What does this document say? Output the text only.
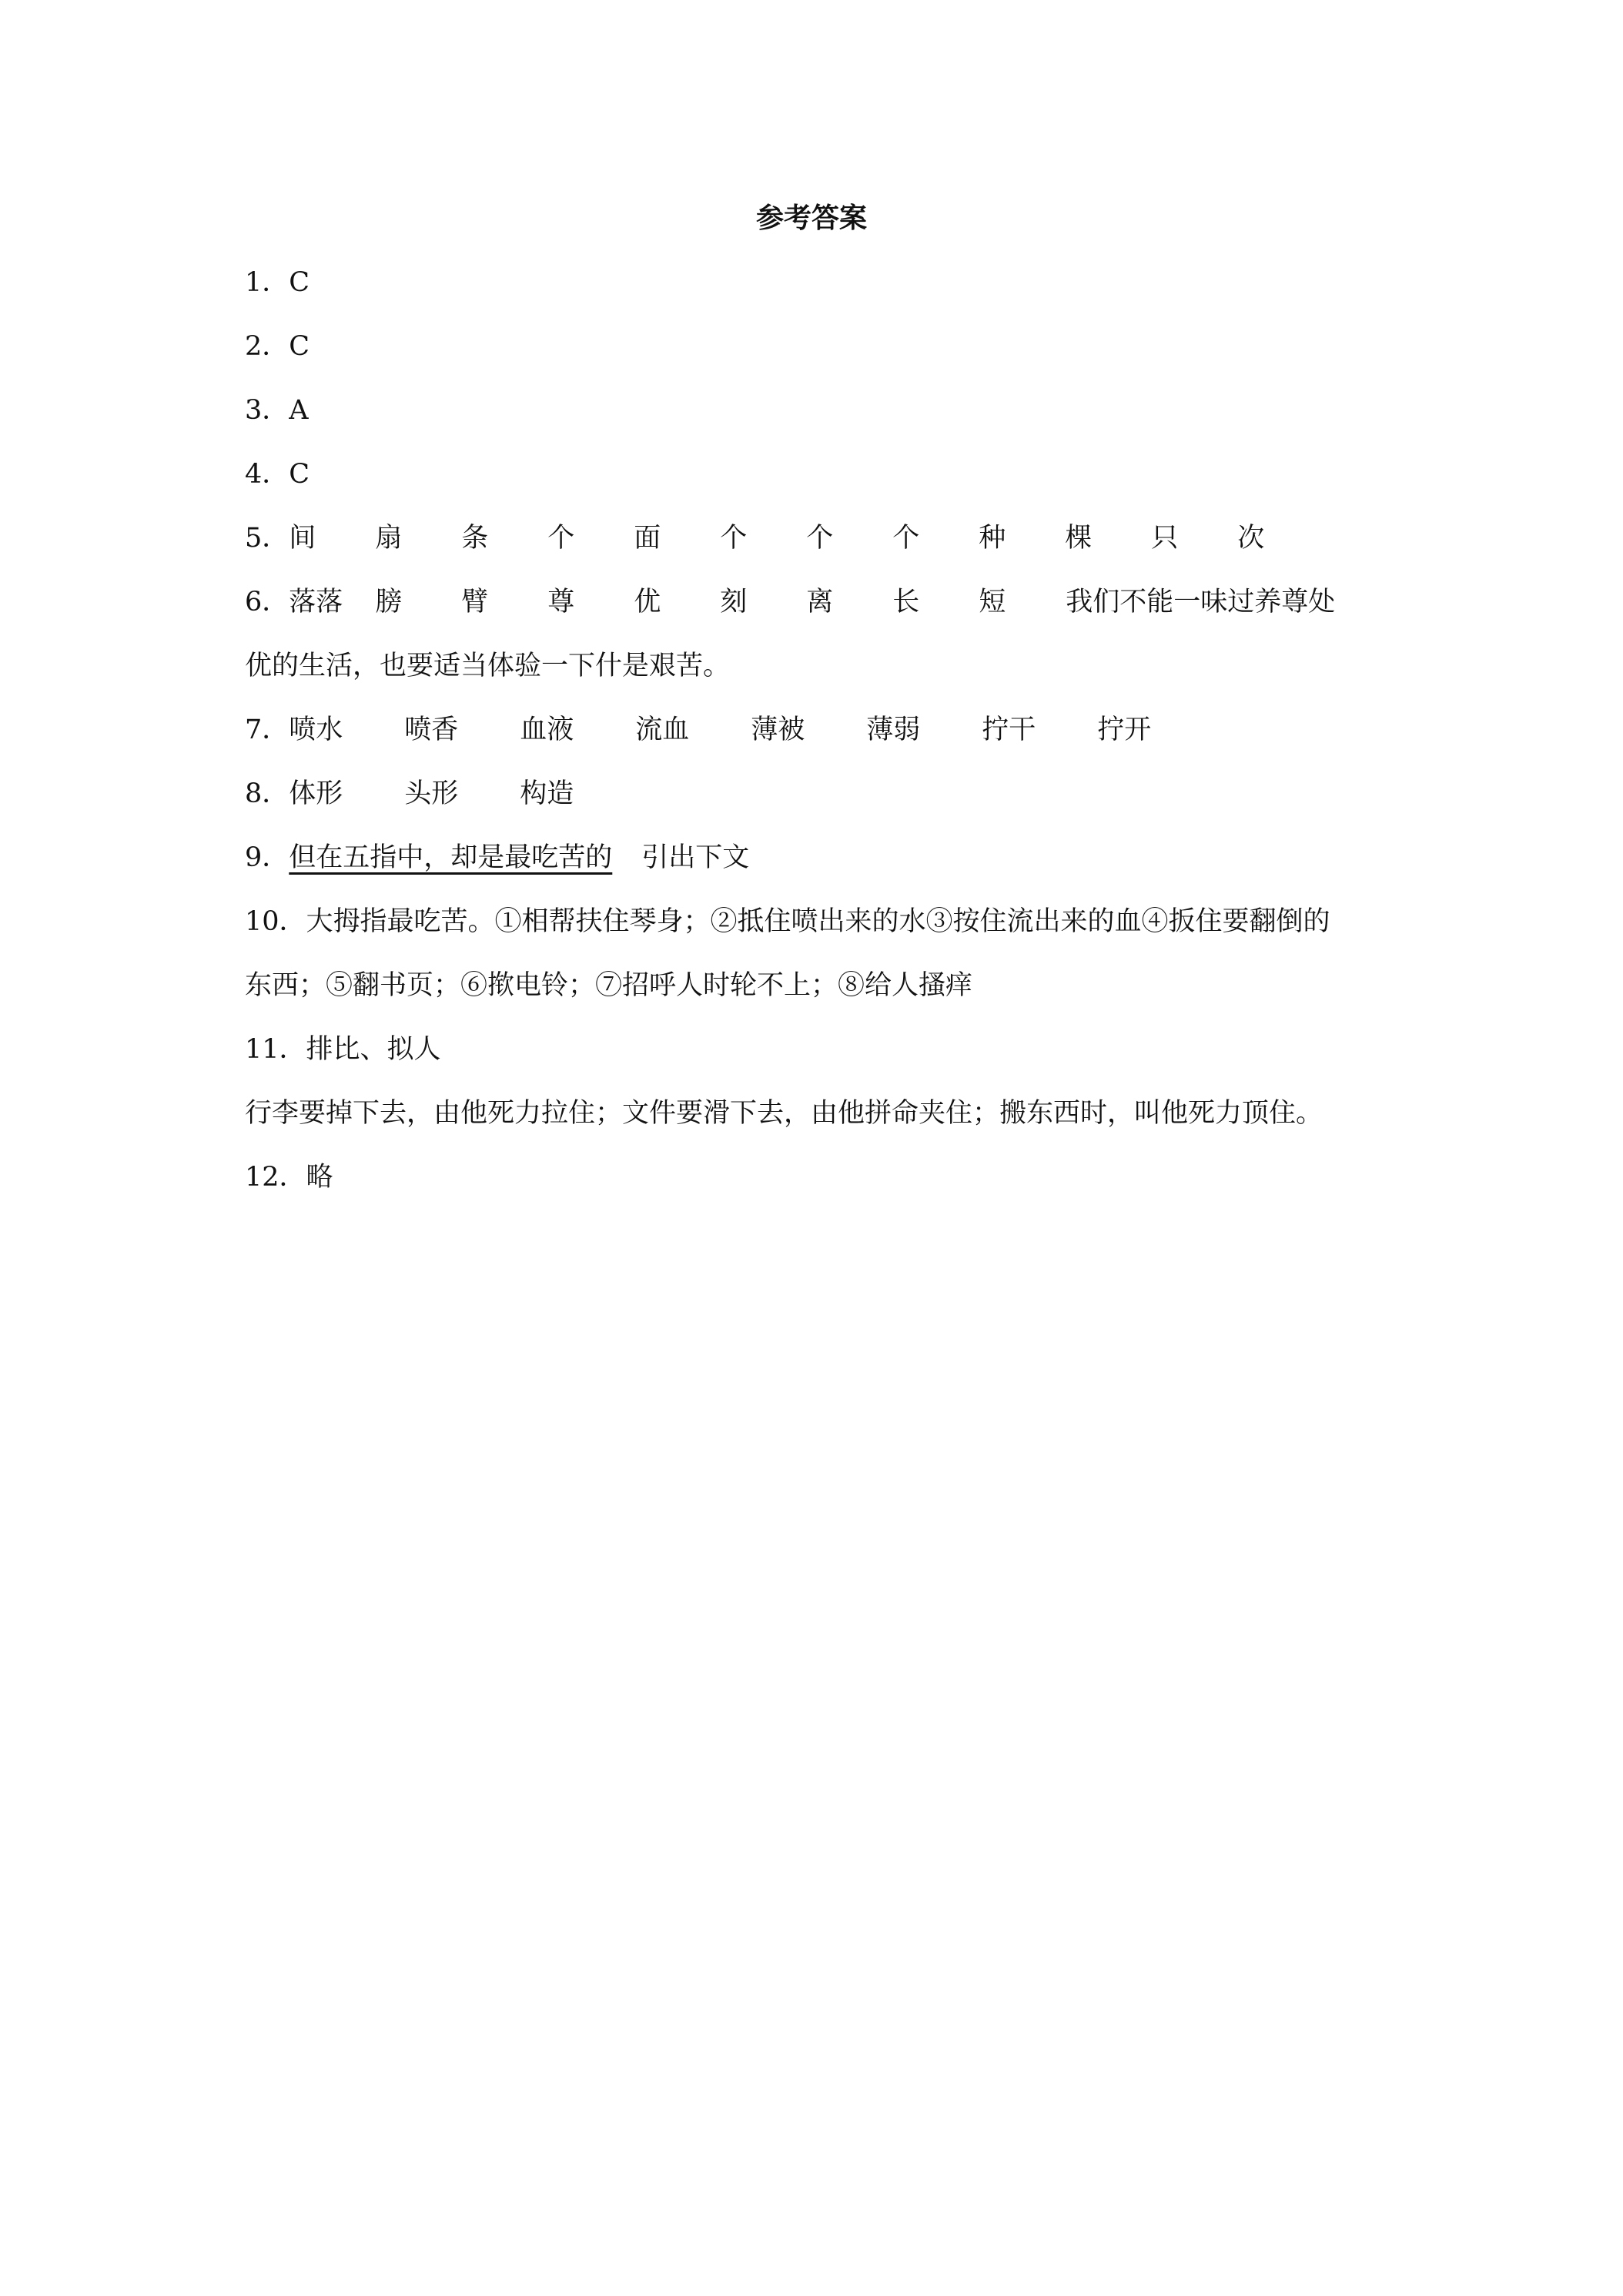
参考答案
1．C
2．C
3．A
4．C
5．间 扇 条 个 面 个 个 个 种 棵 只 次
6．落落 膀 臂 尊 优 刻 离 长 短 我们不能一味过养尊处
优的生活，也要适当体验一下什是艰苦。
7．喷水 喷香 血液 流血 薄被 薄弱 拧干 拧开
8．体形 头形 构造
9．但在五指中，却是最吃苦的 引出下文
10．大拇指最吃苦。①相帮扶住琴身；②抵住喷出来的水③按住流出来的血④扳住要翻倒的
东西；⑤翻书页；⑥揿电铃；⑦招呼人时轮不上；⑧给人搔痒
11．排比、拟人
行李要掉下去，由他死力拉住；文件要滑下去，由他拼命夹住；搬东西时，叫他死力顶住。
12．略
